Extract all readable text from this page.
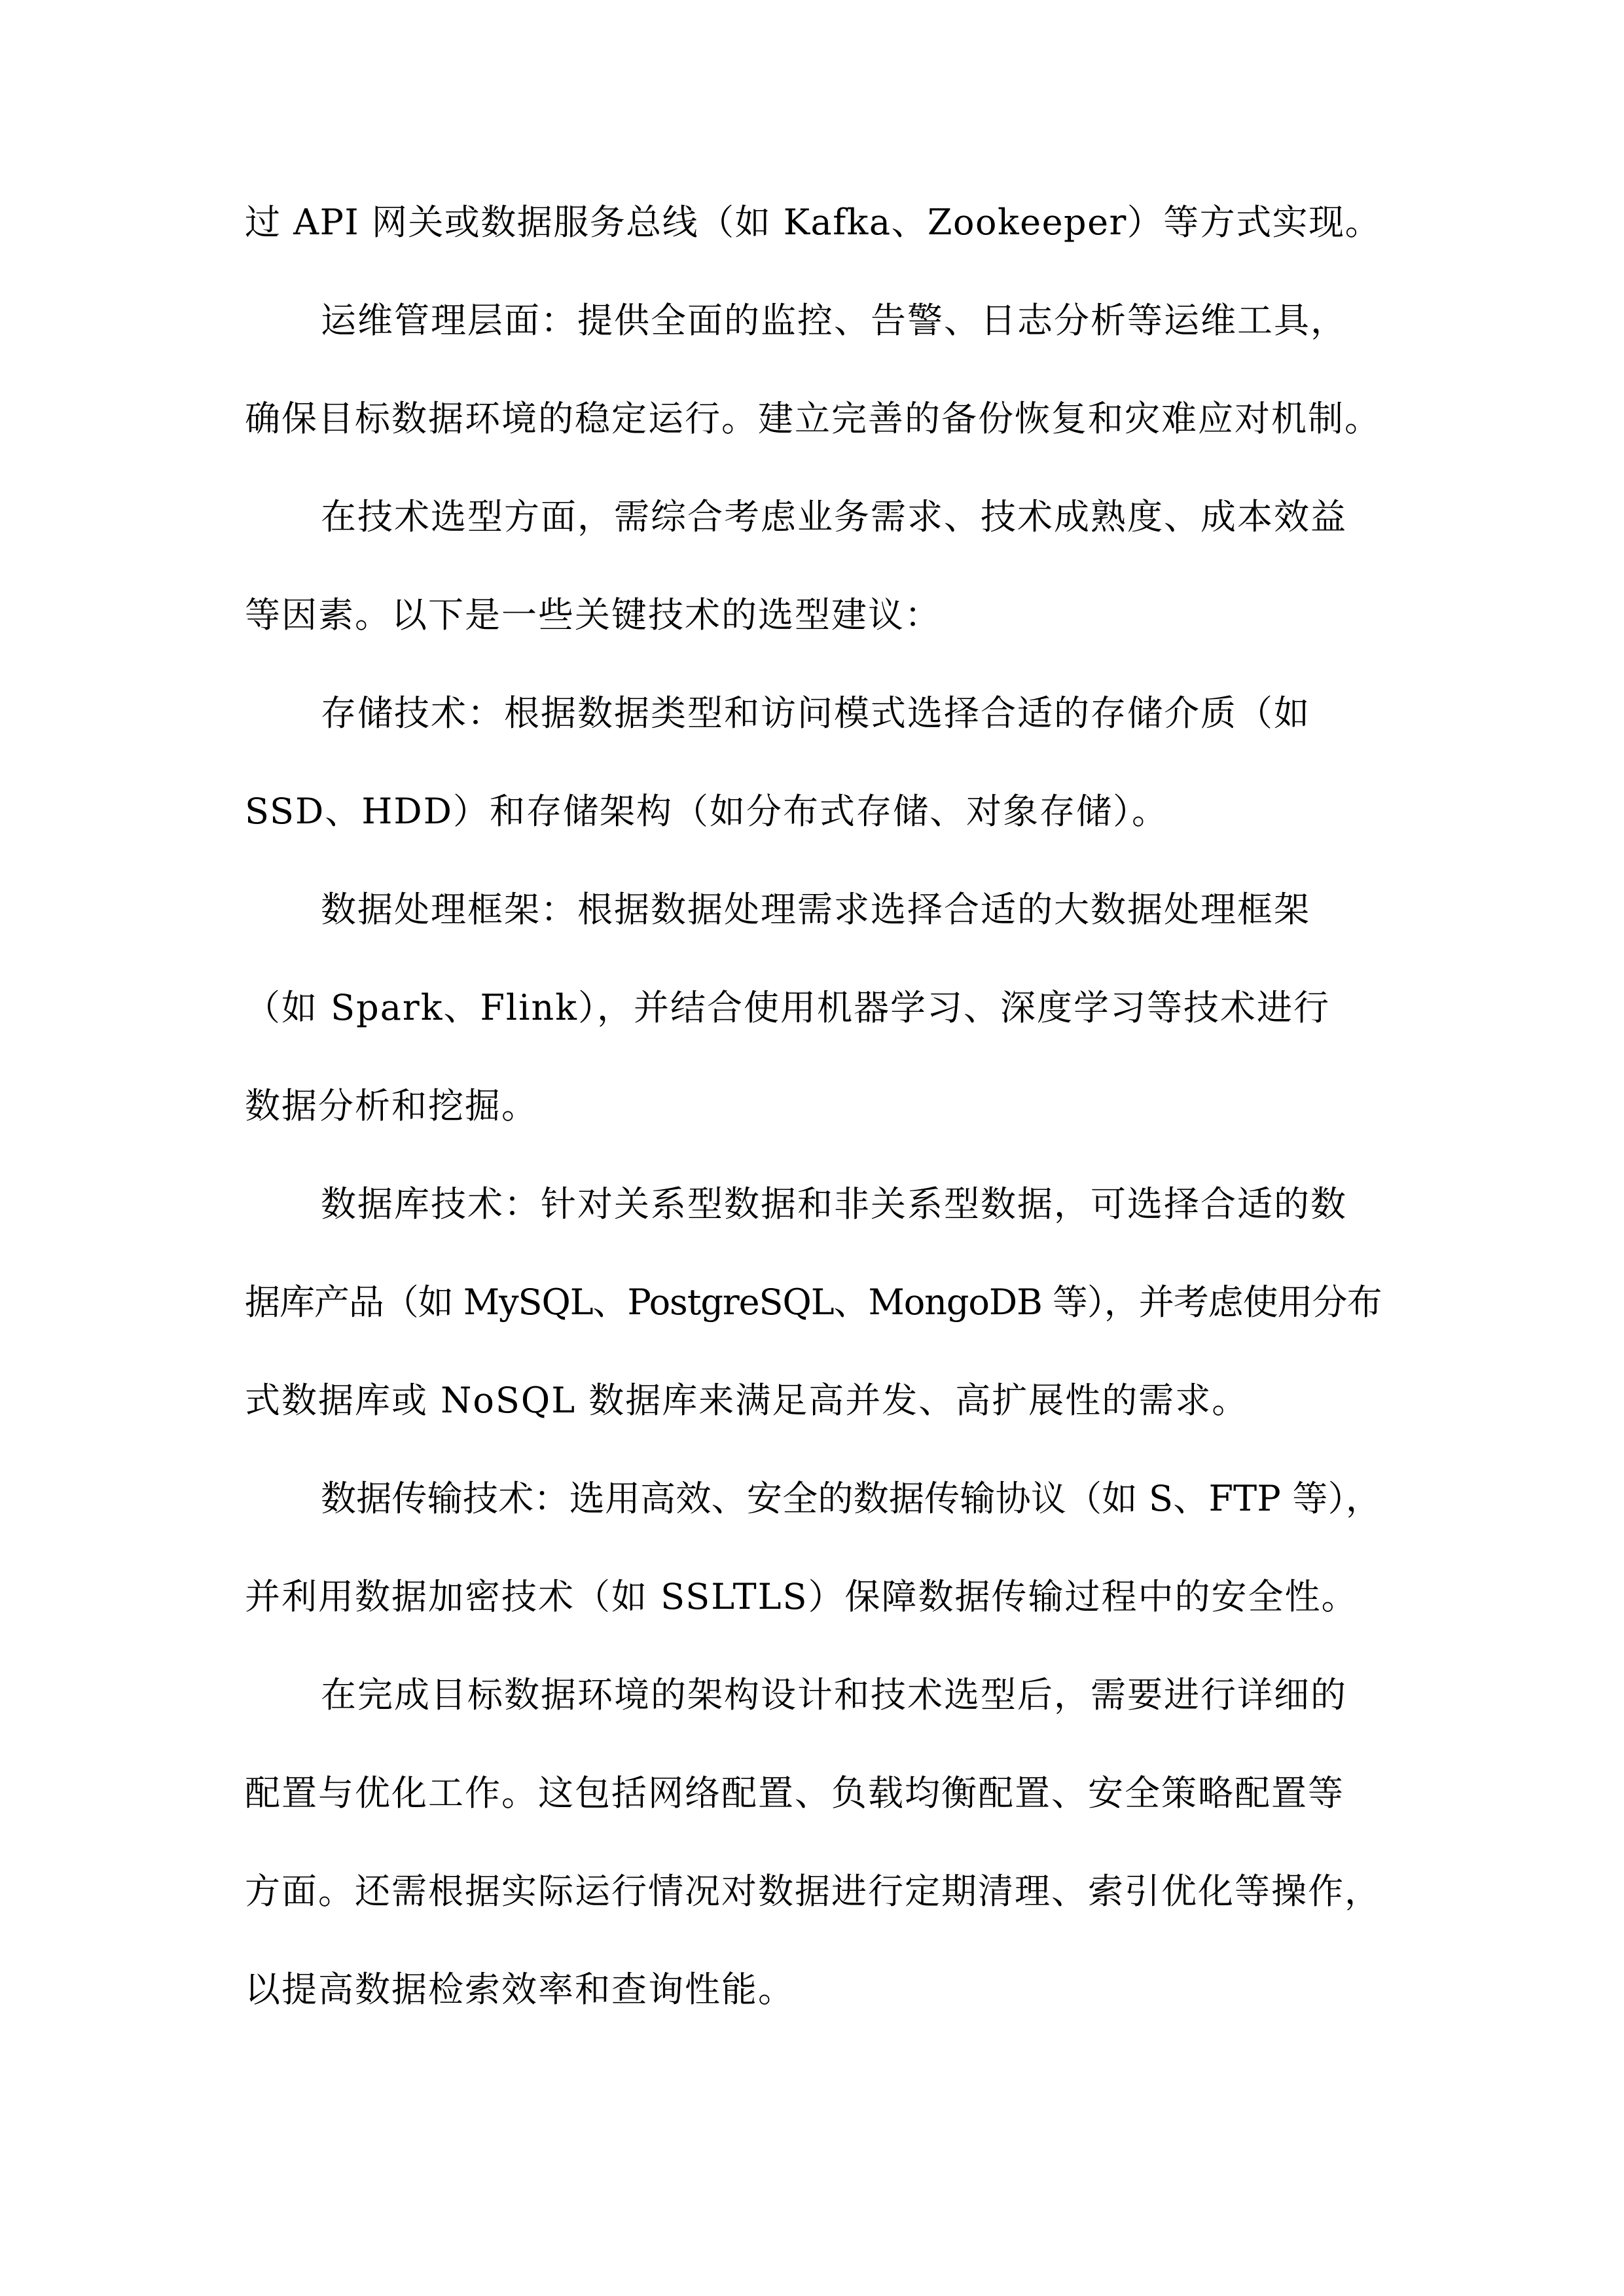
过 API 网关或数据服务总线（如 Kafka、Zookeeper）等方式实现。
运维管理层面：提供全面的监控、告警、日志分析等运维工具，
确保目标数据环境的稳定运行。建立完善的备份恢复和灾难应对机制。
在技术选型方面，需综合考虑业务需求、技术成熟度、成本效益
等因素。以下是一些关键技术的选型建议：
存储技术：根据数据类型和访问模式选择合适的存储介质（如
SSD、HDD）和存储架构（如分布式存储、对象存储）。
数据处理框架：根据数据处理需求选择合适的大数据处理框架
（如 Spark、Flink），并结合使用机器学习、深度学习等技术进行
数据分析和挖掘。
数据库技术：针对关系型数据和非关系型数据，可选择合适的数
据库产品（如 MySQL、PostgreSQL、MongoDB 等），并考虑使用分布
式数据库或 NoSQL 数据库来满足高并发、高扩展性的需求。
数据传输技术：选用高效、安全的数据传输协议（如 S、FTP 等），
并利用数据加密技术（如 SSLTLS）保障数据传输过程中的安全性。
在完成目标数据环境的架构设计和技术选型后，需要进行详细的
配置与优化工作。这包括网络配置、负载均衡配置、安全策略配置等
方面。还需根据实际运行情况对数据进行定期清理、索引优化等操作，
以提高数据检索效率和查询性能。
